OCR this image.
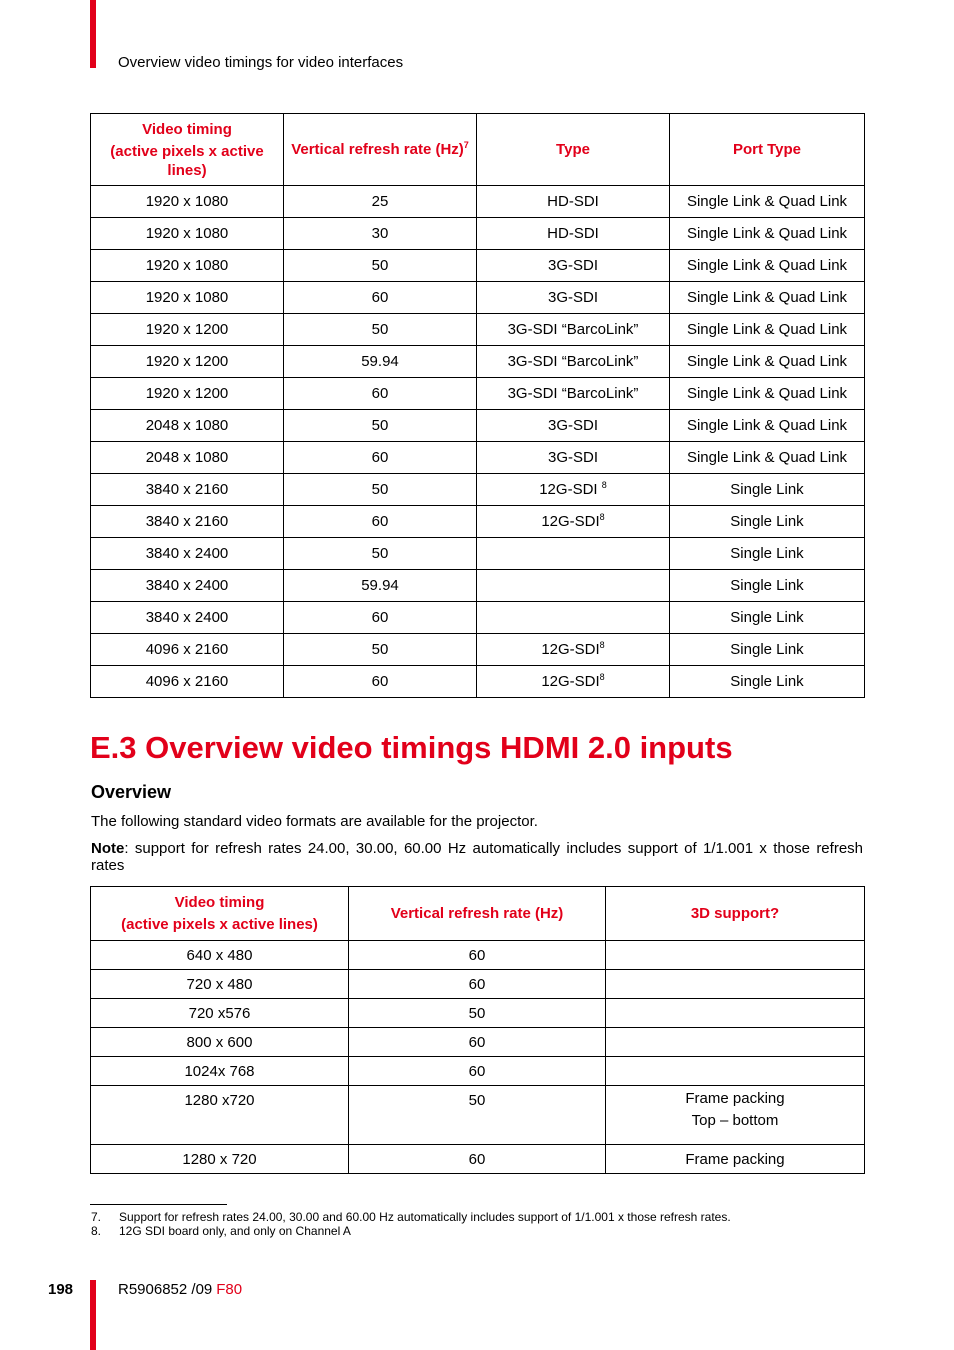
Overview video timings for video interfaces
Video timing
(active pixels x active lines)	Vertical refresh rate $(Hz)^7$	Type	Port Type
1920 x 1080	25	HD-SDI	Single Link & Quad Link
1920 x 1080	30	HD-SDI	Single Link & Quad Link
1920 x 1080	50	3G-SDI	Single Link & Quad Link
1920 x 1080	60	3G-SDI	Single Link & Quad Link
1920 x 1200	50	3G-SDI “BarcoLink”	Single Link & Quad Link
1920 x 1200	59.94	3G-SDI “BarcoLink”	Single Link & Quad Link
1920 x 1200	60	3G-SDI “BarcoLink”	Single Link & Quad Link
2048 x 1080	50	3G-SDI	Single Link & Quad Link
2048 x 1080	60	3G-SDI	Single Link & Quad Link
3840 x 2160	50	12G-SDI $^8$	Single Link
3840 x 2160	60	12G-SDI$^8$	Single Link
3840 x 2400	50		Single Link
3840 x 2400	59.94		Single Link
3840 x 2400	60		Single Link
4096 x 2160	50	12G-SDI$^8$	Single Link
4096 x 2160	60	12G-SDI$^8$	Single Link
E.3 Overview video timings HDMI 2.0 inputs
Overview
The following standard video formats are available for the projector.
Note: support for refresh rates 24.00, 30.00, 60.00 Hz automatically includes support of 1/1.001 x those refresh rates
Video timing
(active pixels x active lines)	Vertical refresh rate (Hz)	3D support?
640 x 480	60	

720 x 480	60	

720 x576	50	

800 x 600	60	

1024x 768	60	

1280 x720	50	Frame packing
Top – bottom

1280 x 720	60	Frame packing
7. Support for refresh rates 24.00, 30.00 and 60.00 Hz automatically includes support of 1/1.001 x those refresh rates.
8. 12G SDI board only, and only on Channel A
198	R5906852 /09 F80
